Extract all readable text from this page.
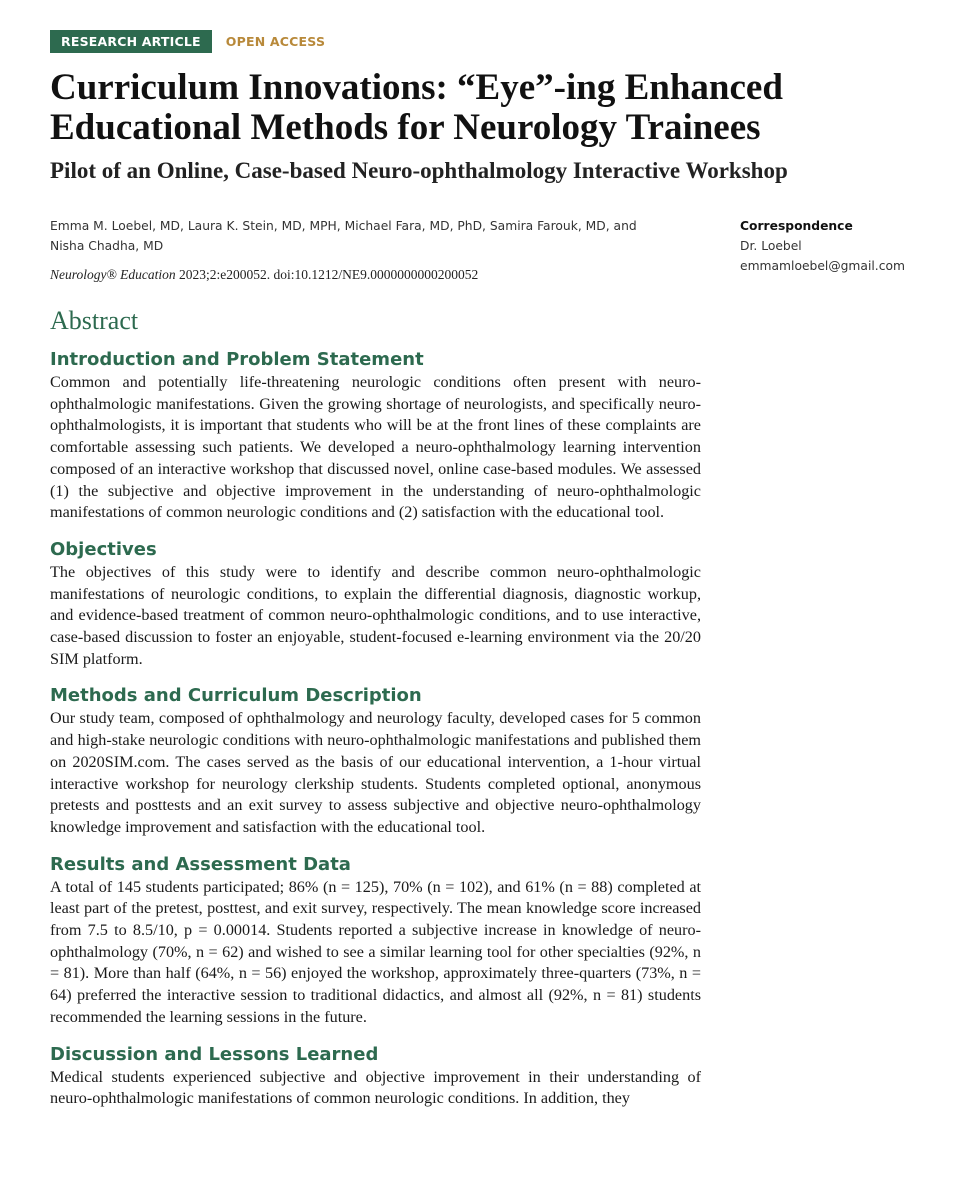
RESEARCH ARTICLE	OPEN ACCESS
Curriculum Innovations: “Eye”-ing Enhanced Educational Methods for Neurology Trainees
Pilot of an Online, Case-based Neuro-ophthalmology Interactive Workshop
Emma M. Loebel, MD, Laura K. Stein, MD, MPH, Michael Fara, MD, PhD, Samira Farouk, MD, and Nisha Chadha, MD
Neurology® Education 2023;2:e200052. doi:10.1212/NE9.0000000000200052
Correspondence
Dr. Loebel
emmamloebel@gmail.com
Abstract
Introduction and Problem Statement

Common and potentially life-threatening neurologic conditions often present with neuro-ophthalmologic manifestations. Given the growing shortage of neurologists, and specifically neuro-ophthalmologists, it is important that students who will be at the front lines of these complaints are comfortable assessing such patients. We developed a neuro-ophthalmology learning intervention composed of an interactive workshop that discussed novel, online case-based modules. We assessed (1) the subjective and objective improvement in the understanding of neuro-ophthalmologic manifestations of common neurologic conditions and (2) satisfaction with the educational tool.

Objectives

The objectives of this study were to identify and describe common neuro-ophthalmologic manifestations of neurologic conditions, to explain the differential diagnosis, diagnostic workup, and evidence-based treatment of common neuro-ophthalmologic conditions, and to use interactive, case-based discussion to foster an enjoyable, student-focused e-learning environment via the 20/20 SIM platform.

Methods and Curriculum Description

Our study team, composed of ophthalmology and neurology faculty, developed cases for 5 common and high-stake neurologic conditions with neuro-ophthalmologic manifestations and published them on 2020SIM.com. The cases served as the basis of our educational intervention, a 1-hour virtual interactive workshop for neurology clerkship students. Students completed optional, anonymous pretests and posttests and an exit survey to assess subjective and objective neuro-ophthalmology knowledge improvement and satisfaction with the educational tool.

Results and Assessment Data

A total of 145 students participated; 86% (n = 125), 70% (n = 102), and 61% (n = 88) completed at least part of the pretest, posttest, and exit survey, respectively. The mean knowledge score increased from 7.5 to 8.5/10, p = 0.00014. Students reported a subjective increase in knowledge of neuro-ophthalmology (70%, n = 62) and wished to see a similar learning tool for other specialties (92%, n = 81). More than half (64%, n = 56) enjoyed the workshop, approximately three-quarters (73%, n = 64) preferred the interactive session to traditional didactics, and almost all (92%, n = 81) students recommended the learning sessions in the future.

Discussion and Lessons Learned

Medical students experienced subjective and objective improvement in their understanding of neuro-ophthalmologic manifestations of common neurologic conditions. In addition, they
